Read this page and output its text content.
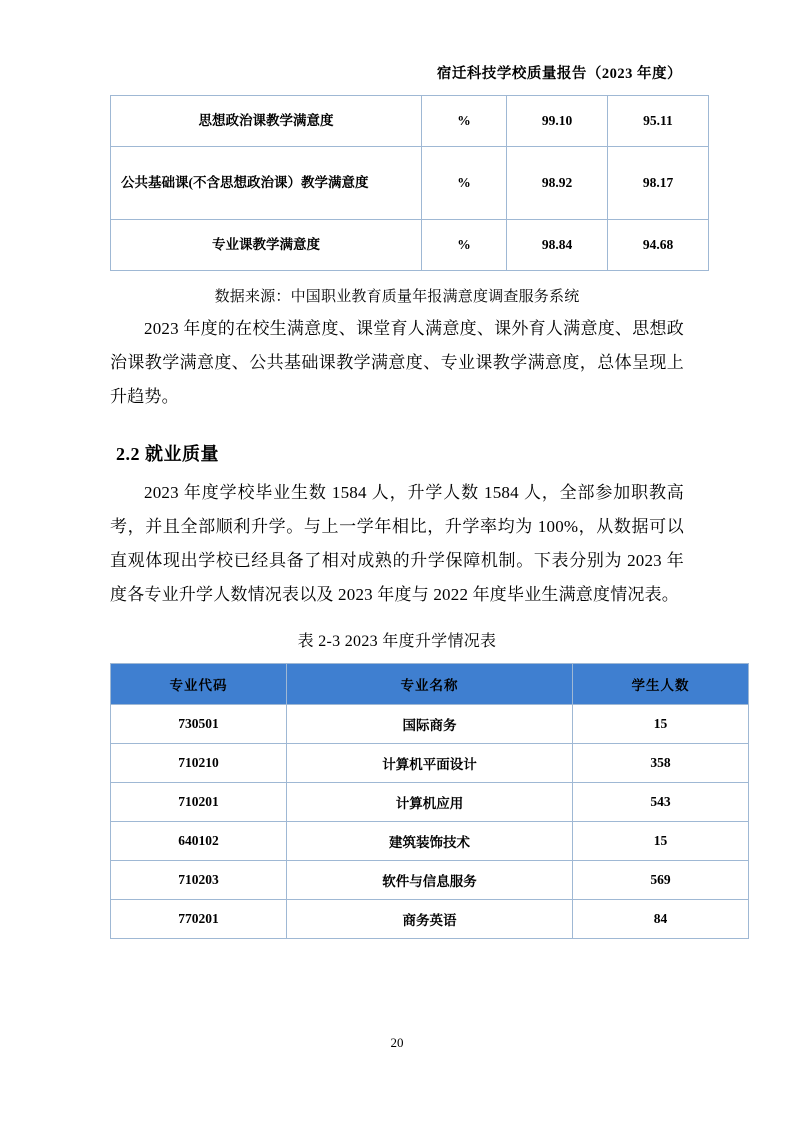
宿迁科技学校质量报告（2023 年度）
思想政治课教学满意度	%	99.10	95.11
公共基础课(不含思想政治课）教学满意度	%	98.92	98.17
专业课教学满意度	%	98.84	94.68
数据来源：中国职业教育质量年报满意度调查服务系统

2023 年度的在校生满意度、课堂育人满意度、课外育人满意度、思想政治课教学满意度、公共基础课教学满意度、专业课教学满意度，总体呈现上升趋势。

2.2 就业质量

2023 年度学校毕业生数 1584 人，升学人数 1584 人，全部参加职教高考，并且全部顺利升学。与上一学年相比，升学率均为 100%，从数据可以直观体现出学校已经具备了相对成熟的升学保障机制。下表分别为 2023 年度各专业升学人数情况表以及 2023 年度与 2022 年度毕业生满意度情况表。

表 2-3 2023 年度升学情况表
专业代码	专业名称	学生人数
730501	国际商务	15
710210	计算机平面设计	358
710201	计算机应用	543
640102	建筑装饰技术	15
710203	软件与信息服务	569
770201	商务英语	84
20
